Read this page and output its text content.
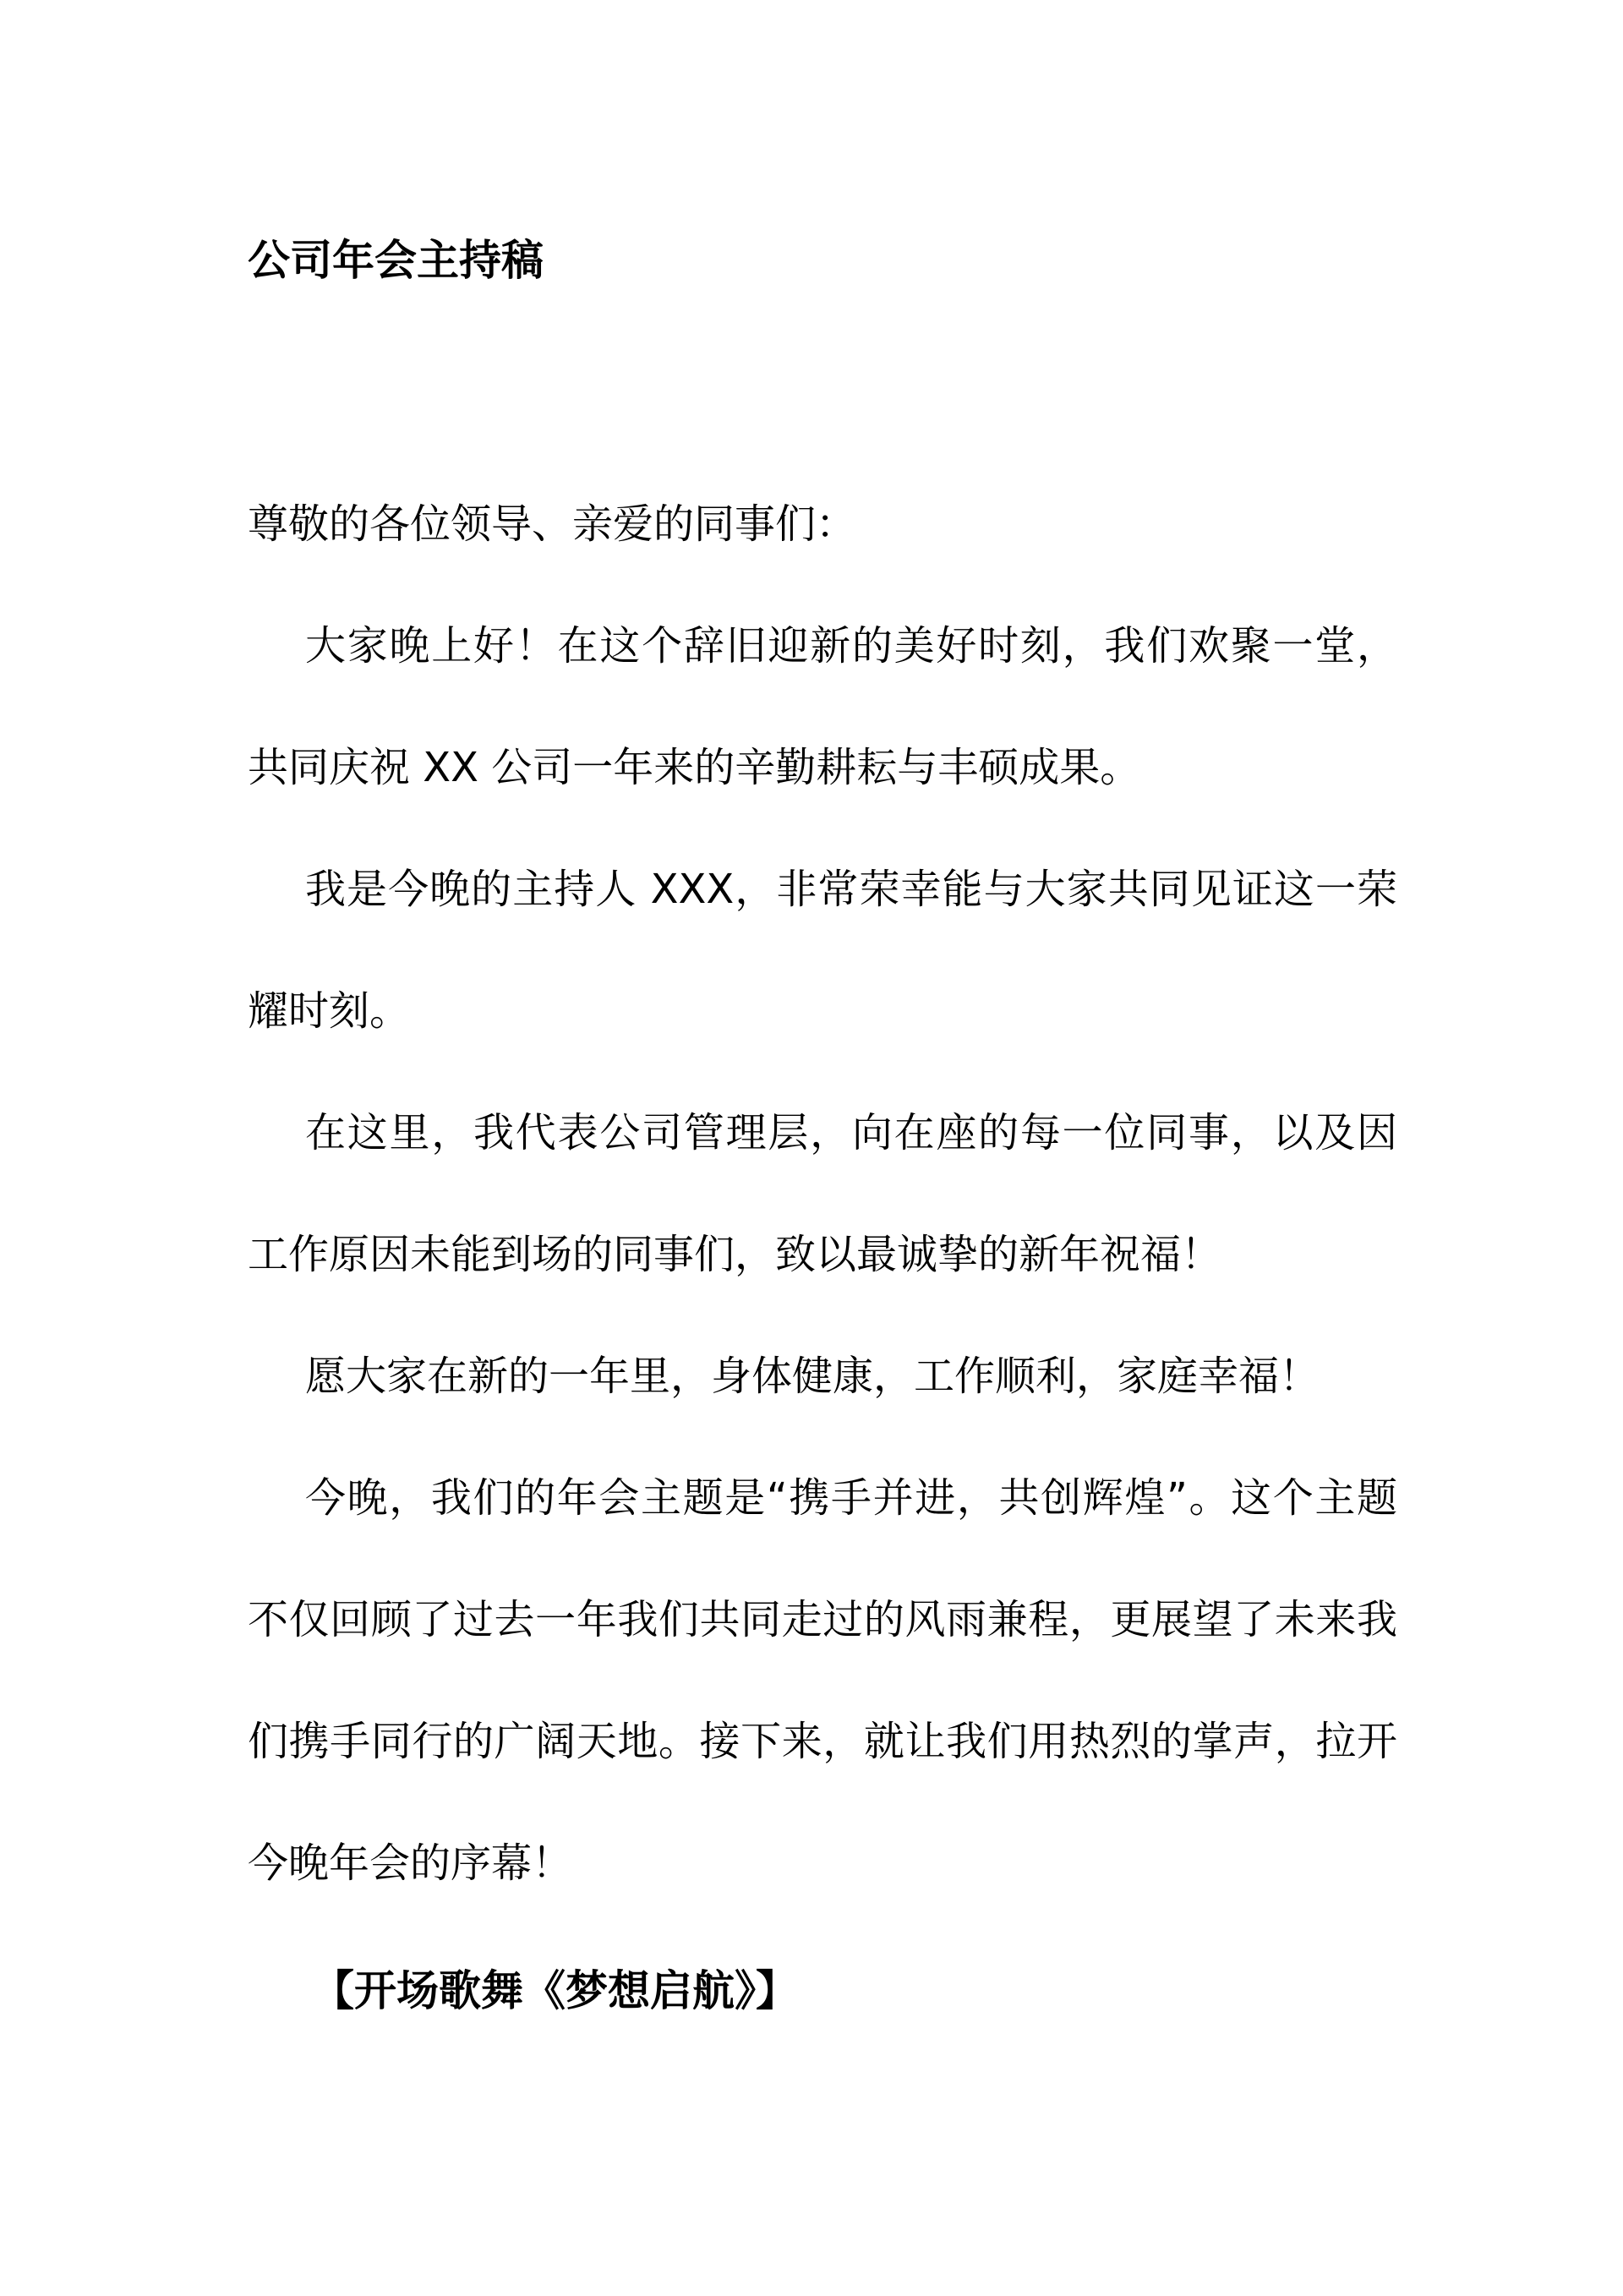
公司年会主持稿

尊敬的各位领导、亲爱的同事们：

大家晚上好！在这个辞旧迎新的美好时刻，我们欢聚一堂，共同庆祝 XX 公司一年来的辛勤耕耘与丰硕成果。

我是今晚的主持人 XXX，非常荣幸能与大家共同见证这一荣耀时刻。

在这里，我代表公司管理层，向在座的每一位同事，以及因工作原因未能到场的同事们，致以最诚挚的新年祝福！

愿大家在新的一年里，身体健康，工作顺利，家庭幸福！

今晚，我们的年会主题是“携手并进，共创辉煌”。这个主题不仅回顾了过去一年我们共同走过的风雨兼程，更展望了未来我们携手同行的广阔天地。接下来，就让我们用热烈的掌声，拉开今晚年会的序幕！

【开场歌舞《梦想启航》】
